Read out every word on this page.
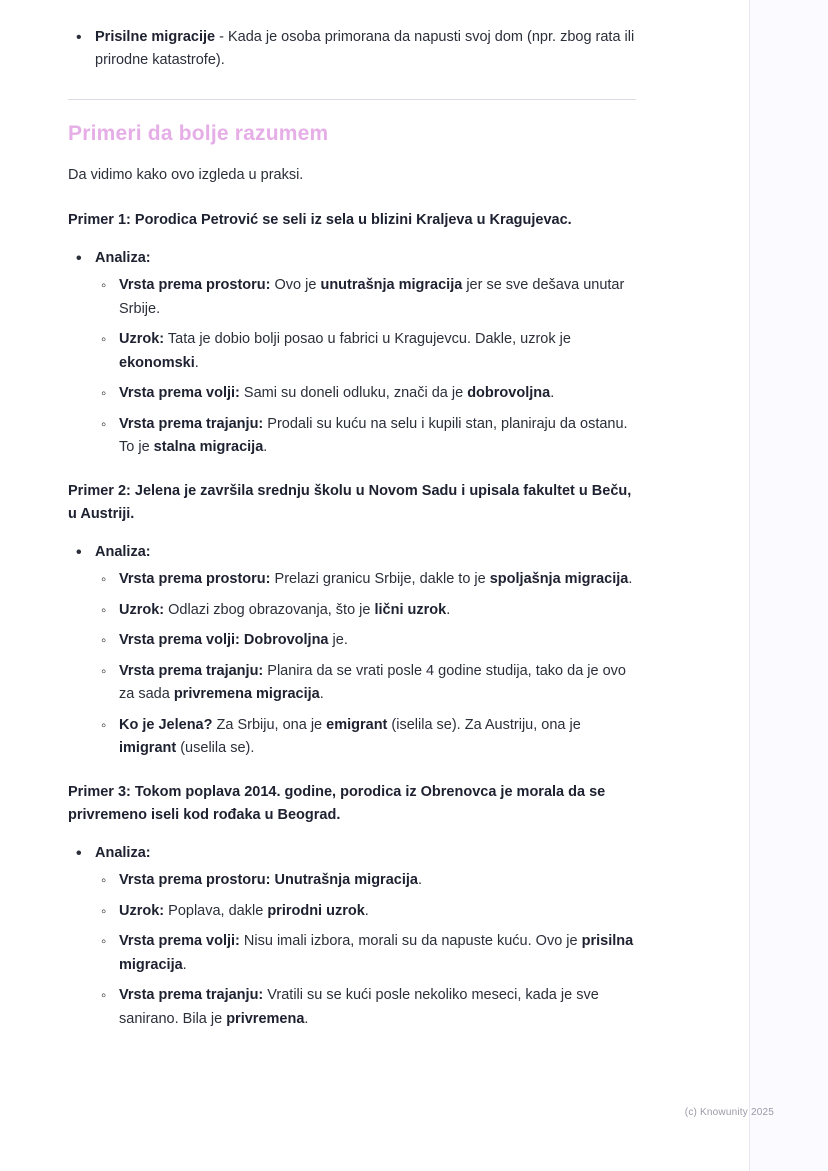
• Prisilne migracije - Kada je osoba primorana da napusti svoj dom (npr. zbog rata ili prirodne katastrofe).
Primeri da bolje razumem

Da vidimo kako ovo izgleda u praksi.

Primer 1: Porodica Petrović se seli iz sela u blizini Kraljeva u Kragujevac.

• Analiza:
◦ Vrsta prema prostoru: Ovo je unutrašnja migracija jer se sve dešava unutar Srbije.
◦ Uzrok: Tata je dobio bolji posao u fabrici u Kragujevcu. Dakle, uzrok je ekonomski.
◦ Vrsta prema volji: Sami su doneli odluku, znači da je dobrovoljna.
◦ Vrsta prema trajanju: Prodali su kuću na selu i kupili stan, planiraju da ostanu. To je stalna migracija.

Primer 2: Jelena je završila srednju školu u Novom Sadu i upisala fakultet u Beču, u Austriji.

• Analiza:
◦ Vrsta prema prostoru: Prelazi granicu Srbije, dakle to je spoljašnja migracija.
◦ Uzrok: Odlazi zbog obrazovanja, što je lični uzrok.
◦ Vrsta prema volji: Dobrovoljna je.
◦ Vrsta prema trajanju: Planira da se vrati posle 4 godine studija, tako da je ovo za sada privremena migracija.
◦ Ko je Jelena? Za Srbiju, ona je emigrant (iselila se). Za Austriju, ona je imigrant (uselila se).

Primer 3: Tokom poplava 2014. godine, porodica iz Obrenovca je morala da se privremeno iseli kod rođaka u Beograd.

• Analiza:
◦ Vrsta prema prostoru: Unutrašnja migracija.
◦ Uzrok: Poplava, dakle prirodni uzrok.
◦ Vrsta prema volji: Nisu imali izbora, morali su da napuste kuću. Ovo je prisilna migracija.
◦ Vrsta prema trajanju: Vratili su se kući posle nekoliko meseci, kada je sve sanirano. Bila je privremena.
(c) Knowunity 2025
